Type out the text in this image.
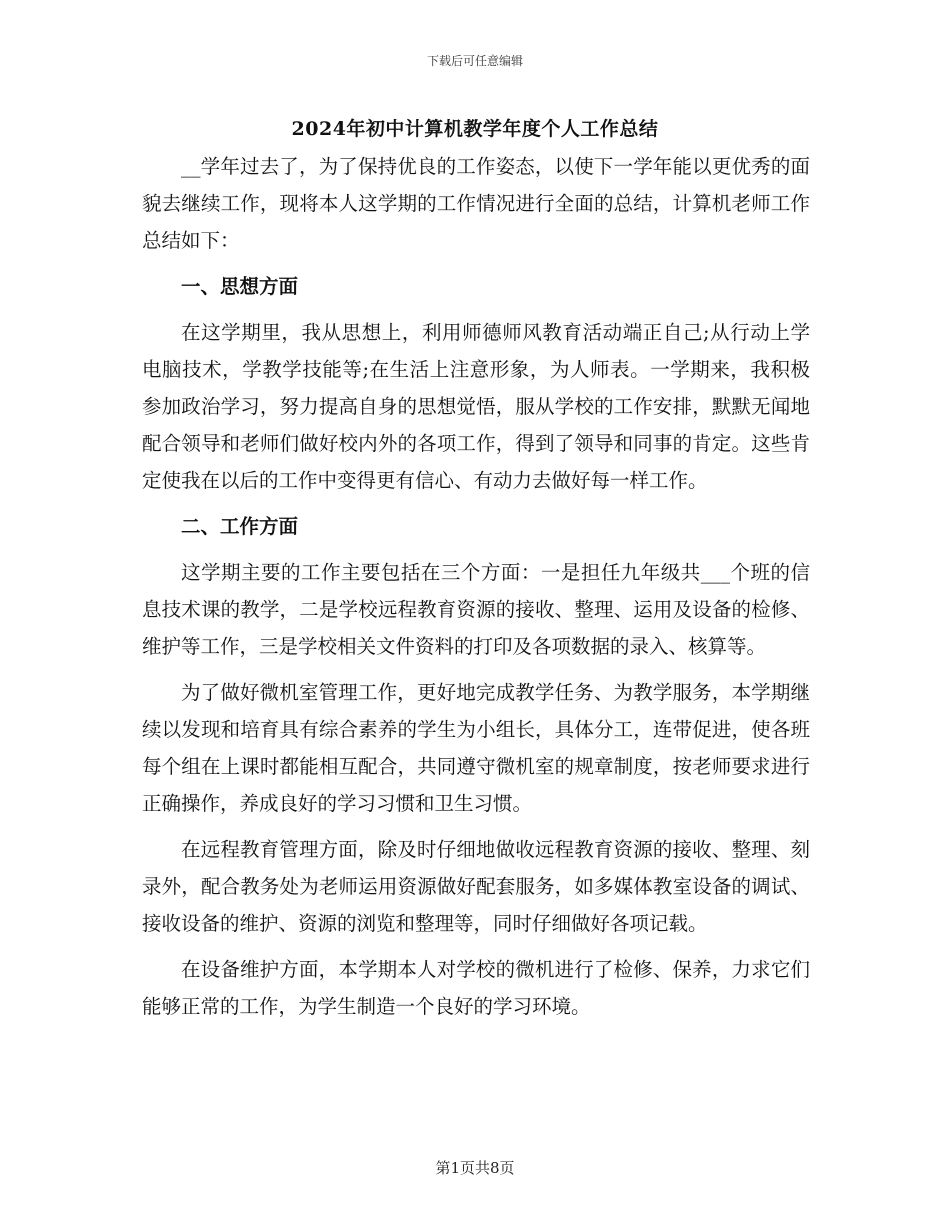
下载后可任意编辑
2024年初中计算机教学年度个人工作总结

__学年过去了，为了保持优良的工作姿态，以使下一学年能以更优秀的面貌去继续工作，现将本人这学期的工作情况进行全面的总结，计算机老师工作总结如下：

一、思想方面

在这学期里，我从思想上，利用师德师风教育活动端正自己;从行动上学电脑技术，学教学技能等;在生活上注意形象，为人师表。一学期来，我积极参加政治学习，努力提高自身的思想觉悟，服从学校的工作安排，默默无闻地配合领导和老师们做好校内外的各项工作，得到了领导和同事的肯定。这些肯定使我在以后的工作中变得更有信心、有动力去做好每一样工作。

二、工作方面

这学期主要的工作主要包括在三个方面：一是担任九年级共___个班的信息技术课的教学，二是学校远程教育资源的接收、整理、运用及设备的检修、维护等工作，三是学校相关文件资料的打印及各项数据的录入、核算等。

为了做好微机室管理工作，更好地完成教学任务、为教学服务，本学期继续以发现和培育具有综合素养的学生为小组长，具体分工，连带促进，使各班每个组在上课时都能相互配合，共同遵守微机室的规章制度，按老师要求进行正确操作，养成良好的学习习惯和卫生习惯。

在远程教育管理方面，除及时仔细地做收远程教育资源的接收、整理、刻录外，配合教务处为老师运用资源做好配套服务，如多媒体教室设备的调试、接收设备的维护、资源的浏览和整理等，同时仔细做好各项记载。

在设备维护方面，本学期本人对学校的微机进行了检修、保养，力求它们能够正常的工作，为学生制造一个良好的学习环境。

第1页共8页
